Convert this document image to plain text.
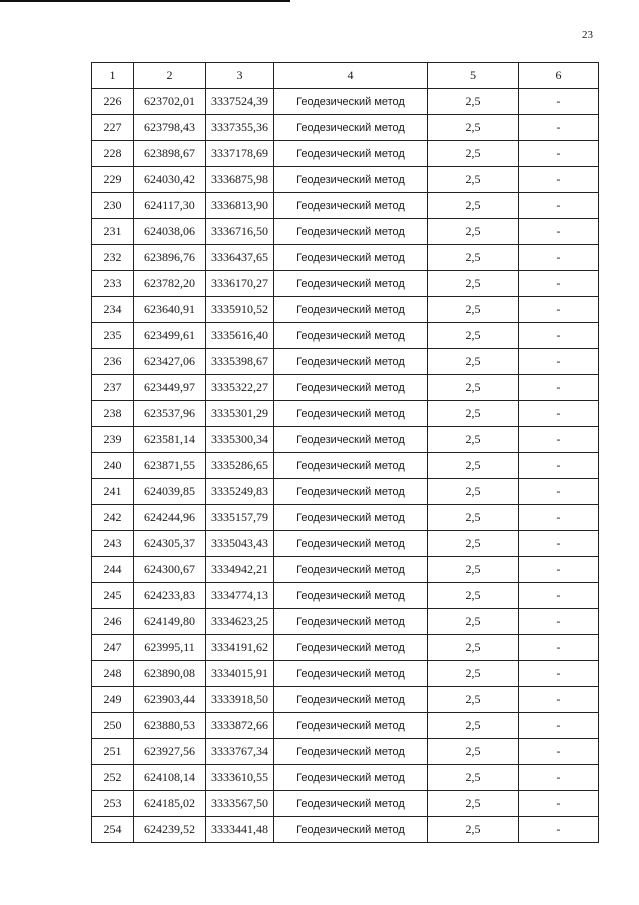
23
1	2	3	4	5	6
226	623702,01	3337524,39	Геодезический метод	2,5	-
227	623798,43	3337355,36	Геодезический метод	2,5	-
228	623898,67	3337178,69	Геодезический метод	2,5	-
229	624030,42	3336875,98	Геодезический метод	2,5	-
230	624117,30	3336813,90	Геодезический метод	2,5	-
231	624038,06	3336716,50	Геодезический метод	2,5	-
232	623896,76	3336437,65	Геодезический метод	2,5	-
233	623782,20	3336170,27	Геодезический метод	2,5	-
234	623640,91	3335910,52	Геодезический метод	2,5	-
235	623499,61	3335616,40	Геодезический метод	2,5	-
236	623427,06	3335398,67	Геодезический метод	2,5	-
237	623449,97	3335322,27	Геодезический метод	2,5	-
238	623537,96	3335301,29	Геодезический метод	2,5	-
239	623581,14	3335300,34	Геодезический метод	2,5	-
240	623871,55	3335286,65	Геодезический метод	2,5	-
241	624039,85	3335249,83	Геодезический метод	2,5	-
242	624244,96	3335157,79	Геодезический метод	2,5	-
243	624305,37	3335043,43	Геодезический метод	2,5	-
244	624300,67	3334942,21	Геодезический метод	2,5	-
245	624233,83	3334774,13	Геодезический метод	2,5	-
246	624149,80	3334623,25	Геодезический метод	2,5	-
247	623995,11	3334191,62	Геодезический метод	2,5	-
248	623890,08	3334015,91	Геодезический метод	2,5	-
249	623903,44	3333918,50	Геодезический метод	2,5	-
250	623880,53	3333872,66	Геодезический метод	2,5	-
251	623927,56	3333767,34	Геодезический метод	2,5	-
252	624108,14	3333610,55	Геодезический метод	2,5	-
253	624185,02	3333567,50	Геодезический метод	2,5	-
254	624239,52	3333441,48	Геодезический метод	2,5	-
